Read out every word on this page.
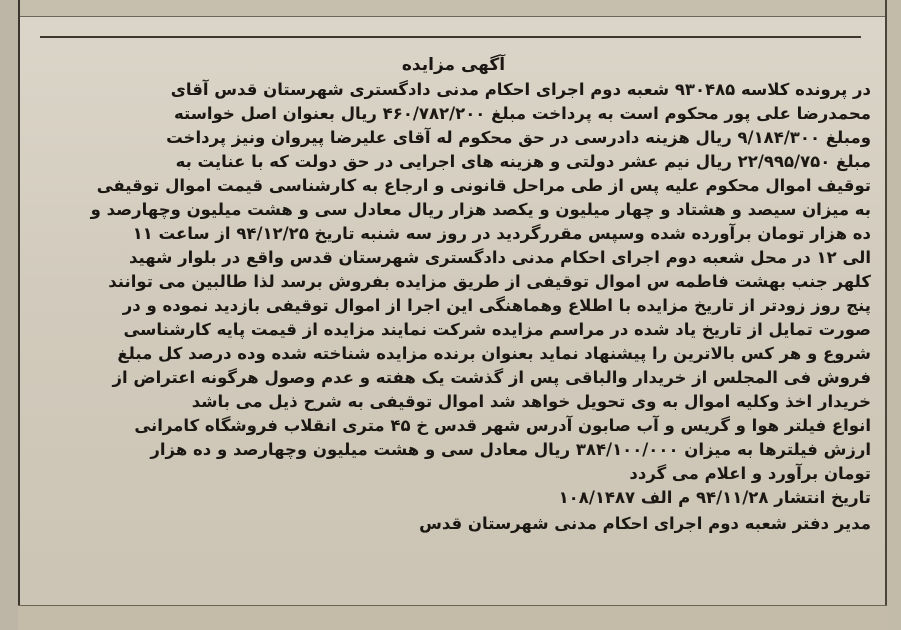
آگهی مزایده
در پرونده کلاسه ۹۳۰۴۸۵ شعبه دوم اجرای احکام مدنی دادگستری شهرستان قدس آقای
محمدرضا علی پور محکوم است به پرداخت مبلغ ۴۶۰/۷۸۲/۲۰۰ ریال بعنوان اصل خواسته
ومبلغ ۹/۱۸۴/۳۰۰ ریال هزینه دادرسی در حق محکوم له آقای علیرضا پیروان ونیز پرداخت
مبلغ ۲۲/۹۹۵/۷۵۰ ریال نیم عشر دولتی و هزینه های اجرایی در حق دولت که با عنایت به
توقیف اموال محکوم علیه پس از طی مراحل قانونی و ارجاع به کارشناسی قیمت اموال توقیفی
به میزان سیصد و هشتاد و چهار میلیون و یکصد هزار ریال معادل سی و هشت میلیون وچهارصد و
ده هزار تومان برآورده شده وسپس مقررگردید در روز سه شنبه تاریخ ۹۴/۱۲/۲۵ از ساعت ۱۱
الی ۱۲ در محل شعبه دوم اجرای احکام مدنی دادگستری شهرستان قدس واقع در بلوار شهید
کلهر جنب بهشت فاطمه س اموال توقیفی از طریق مزایده بفروش برسد لذا طالبین می توانند
پنج روز زودتر از تاریخ مزایده با اطلاع وهماهنگی این اجرا از اموال توقیفی بازدید نموده و در
صورت تمایل از تاریخ یاد شده در مراسم مزایده شرکت نمایند مزایده از قیمت پایه کارشناسی
شروع و هر کس بالاترین را پیشنهاد نماید بعنوان برنده مزایده شناخته شده وده درصد کل مبلغ
فروش فی المجلس از خریدار والباقی پس از گذشت یک هفته و عدم وصول هرگونه اعتراض از
خریدار اخذ وکلیه اموال به وی تحویل خواهد شد اموال توقیفی به شرح ذیل می باشد
انواع فیلتر هوا و گریس و آب صابون آدرس شهر قدس خ ۴۵ متری انقلاب فروشگاه کامرانی
ارزش فیلترها به میزان ۳۸۴/۱۰۰/۰۰۰ ریال معادل سی و هشت میلیون وچهارصد و ده هزار
تومان برآورد و اعلام می گردد
تاریخ انتشار ۹۴/۱۱/۲۸ م الف ۱۰۸/۱۴۸۷
مدیر دفتر شعبه دوم اجرای احکام مدنی شهرستان قدس
